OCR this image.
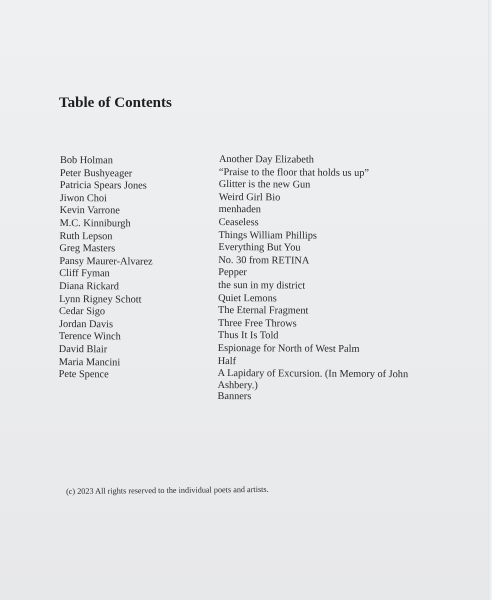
Table of Contents
Bob Holman
Peter Bushyeager
Patricia Spears Jones
Jiwon Choi
Kevin Varrone
M.C. Kinniburgh
Ruth Lepson
Greg Masters
Pansy Maurer-Alvarez
Cliff Fyman
Diana Rickard
Lynn Rigney Schott
Cedar Sigo
Jordan Davis
Terence Winch
David Blair
Maria Mancini
Pete Spence
Another Day Elizabeth
“Praise to the floor that holds us up”
Glitter is the new Gun
Weird Girl Bio
menhaden
Ceaseless
Things William Phillips
Everything But You
No. 30 from RETINA
Pepper
the sun in my district
Quiet Lemons
The Eternal Fragment
Three Free Throws
Thus It Is Told
Espionage for North of West Palm
Half
A Lapidary of Excursion. (In Memory of John Ashbery.)
Banners
(c) 2023 All rights reserved to the individual poets and artists.
